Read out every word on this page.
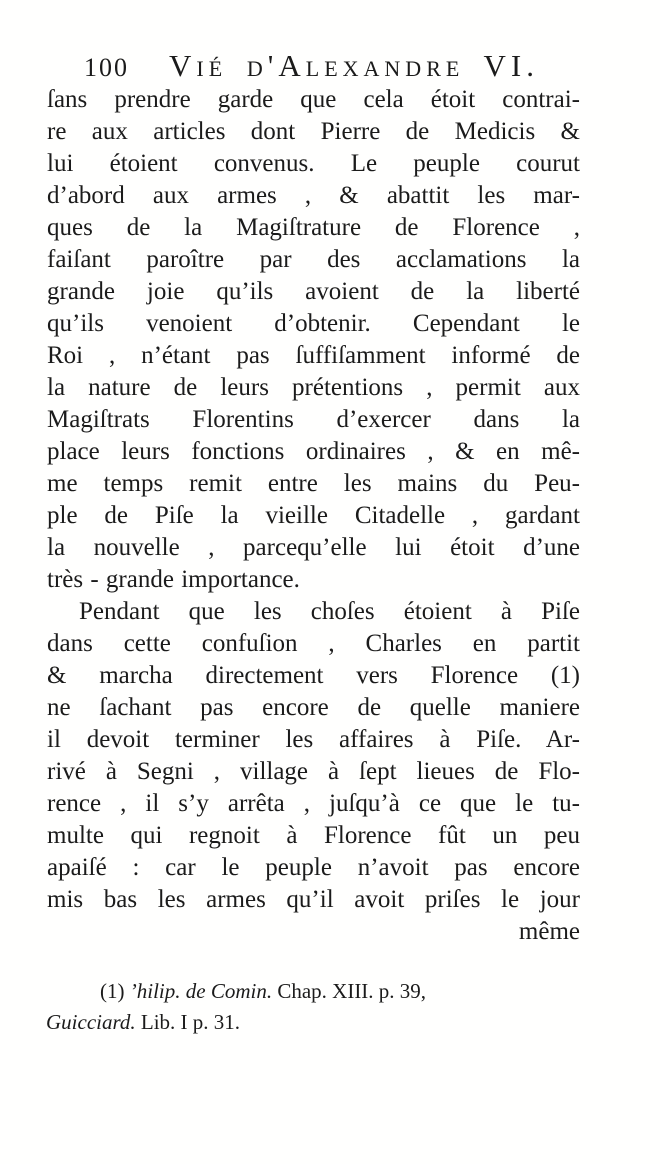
100 Vié d'Alexandre VI.
ſans prendre garde que cela étoit contrai-
re aux articles dont Pierre de Medicis &
lui étoient convenus. Le peuple courut
d’abord aux armes , & abattit les mar-
ques de la Magiſtrature de Florence ,
faiſant paroître par des acclamations la
grande joie qu’ils avoient de la liberté
qu’ils venoient d’obtenir. Cependant le
Roi , n’étant pas ſuffiſamment informé de
la nature de leurs prétentions , permit aux
Magiſtrats Florentins d’exercer dans la
place leurs fonctions ordinaires , & en mê-
me temps remit entre les mains du Peu-
ple de Piſe la vieille Citadelle , gardant
la nouvelle , parcequ’elle lui étoit d’une
très - grande importance.
Pendant que les choſes étoient à Piſe
dans cette confuſion , Charles en partit
& marcha directement vers Florence (1)
ne ſachant pas encore de quelle maniere
il devoit terminer les affaires à Piſe. Ar-
rivé à Segni , village à ſept lieues de Flo-
rence , il s’y arrêta , juſqu’à ce que le tu-
multe qui regnoit à Florence fût un peu
apaiſé : car le peuple n’avoit pas encore
mis bas les armes qu’il avoit priſes le jour
même
(1) ’hilip. de Comin. Chap. XIII. p. 39,
Guicciard. Lib. I p. 31.
